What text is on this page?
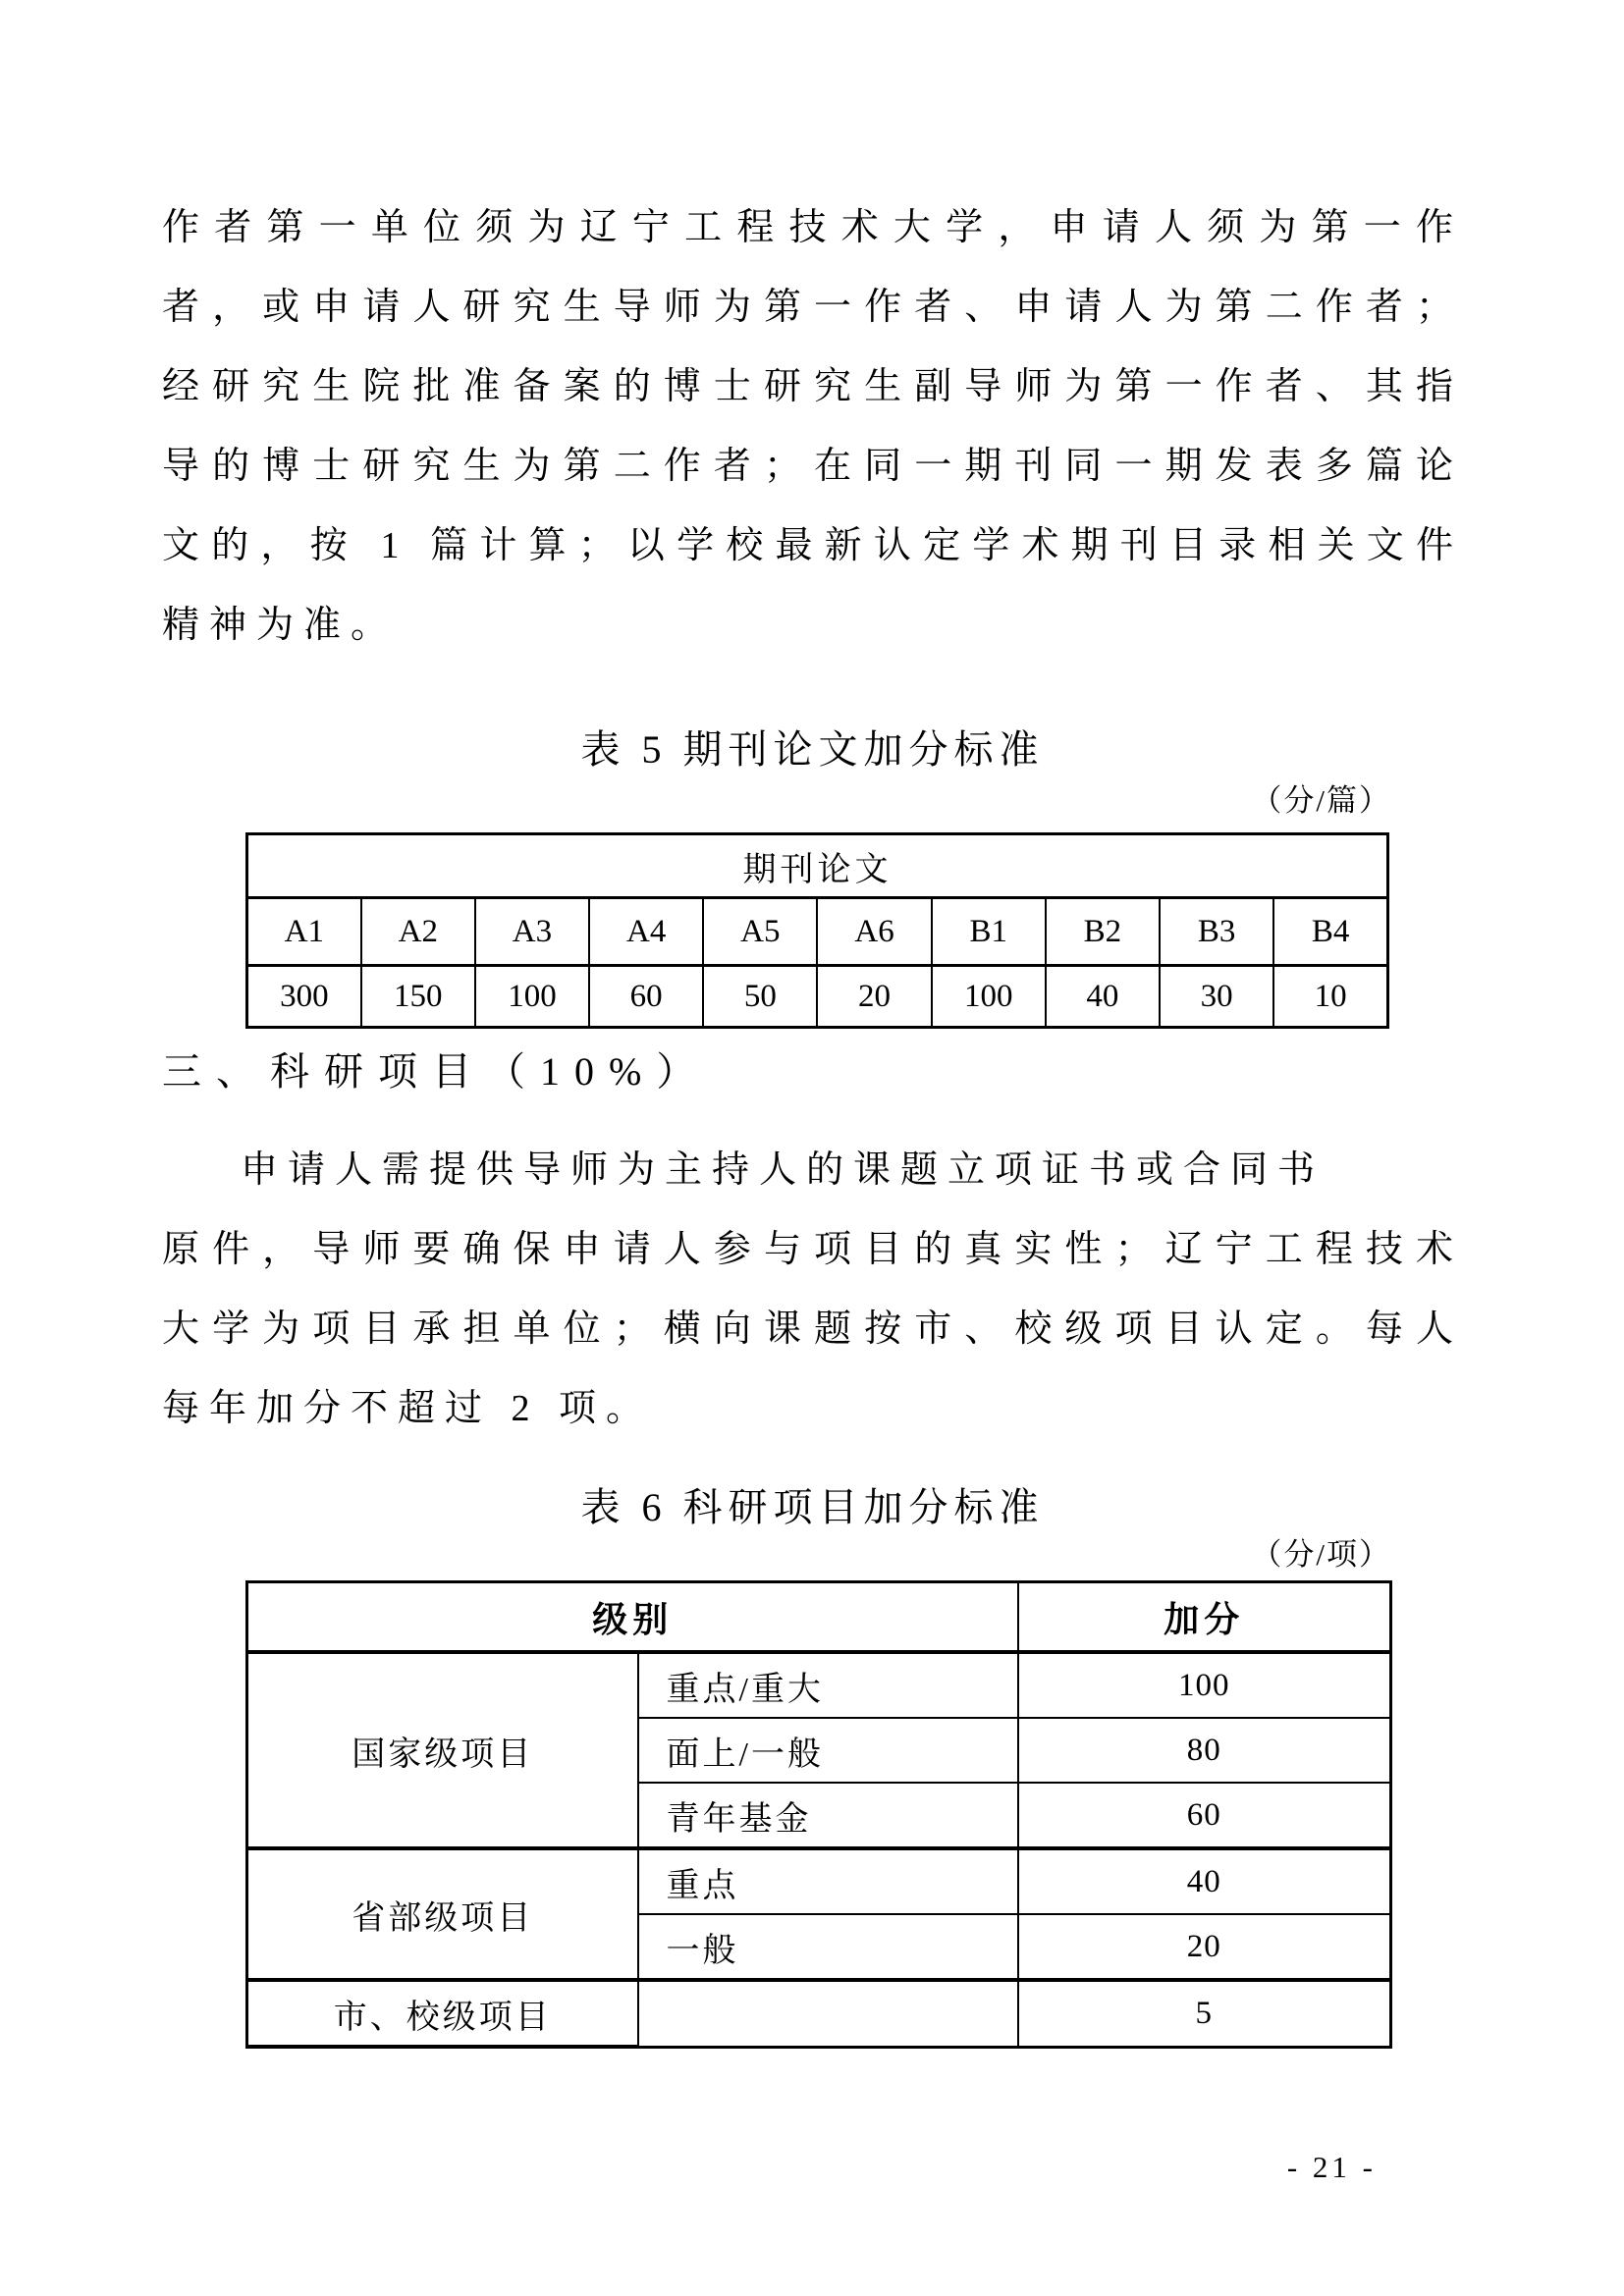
作者第一单位须为辽宁工程技术大学，申请人须为第一作
者，或申请人研究生导师为第一作者、申请人为第二作者；
经研究生院批准备案的博士研究生副导师为第一作者、其指
导的博士研究生为第二作者；在同一期刊同一期发表多篇论
文的，按 1 篇计算；以学校最新认定学术期刊目录相关文件
精神为准。
表 5 期刊论文加分标准
（分/篇）
期刊论文									
A1	A2	A3	A4	A5	A6	B1	B2	B3	B4
300	150	100	60	50	20	100	40	30	10
三、科研项目（10%）
申请人需提供导师为主持人的课题立项证书或合同书
原件，导师要确保申请人参与项目的真实性；辽宁工程技术
大学为项目承担单位；横向课题按市、校级项目认定。每人
每年加分不超过 2 项。
表 6 科研项目加分标准
（分/项）
级别		加分
国家级项目	重点/重大	100
	面上/一般	80
	青年基金	60
省部级项目	重点	40
	一般	20
市、校级项目		5
- 21 -
